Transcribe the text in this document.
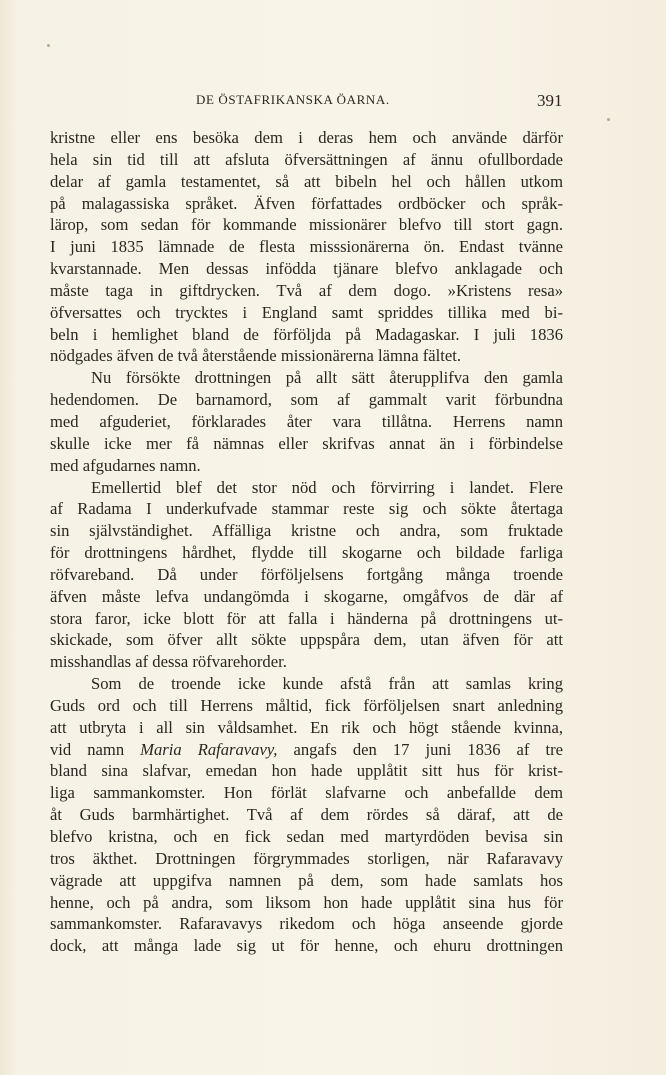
DE ÖSTAFRIKANSKA ÖARNA.	391
kristne eller ens besöka dem i deras hem och använde därför
hela sin tid till att afsluta öfversättningen af ännu ofullbordade
delar af gamla testamentet, så att bibeln hel och hållen utkom
på malagassiska språket. Äfven författades ordböcker och språk-
lärор, som sedan för kommande missionärer blefvo till stort gagn.
I juni 1835 lämnade de flesta misssionärerna ön. Endast tvänne
kvarstannade. Men dessas infödda tjänare blefvo anklagade och
måste taga in giftdrycken. Två af dem dogo. »Kristens resa»
öfversattes och trycktes i England samt spriddes tillika med bi-
beln i hemlighet bland de förföljda på Madagaskar. I juli 1836
nödgades äfven de två återstående missionärerna lämna fältet.
Nu försökte drottningen på allt sätt återupplifva den gamla
hedendomen. De barnamord, som af gammalt varit förbundna
med afguderiet, förklarades åter vara tillåtna. Herrens namn
skulle icke mer få nämnas eller skrifvas annat än i förbindelse
med afgudarnes namn.
Emellertid blef det stor nöd och förvirring i landet. Flere
af Radama I underkufvade stammar reste sig och sökte återtaga
sin självständighet. Affälliga kristne och andra, som fruktade
för drottningens hårdhet, flydde till skogarne och bildade farliga
röfvareband. Då under förföljelsens fortgång många troende
äfven måste lefva undangömda i skogarne, omgåfvos de där af
stora faror, icke blott för att falla i händerna på drottningens ut-
skickade, som öfver allt sökte uppspåra dem, utan äfven för att
misshandlas af dessa röfvarehorder.
Som de troende icke kunde afstå från att samlas kring
Guds ord och till Herrens måltid, fick förföljelsen snart anledning
att utbryta i all sin våldsamhet. En rik och högt stående kvinna,
vid namn Maria Rafaravavy, angafs den 17 juni 1836 af tre
bland sina slafvar, emedan hon hade upplåtit sitt hus för krist-
liga sammankomster. Hon förlät slafvarne och anbefallde dem
åt Guds barmhärtighet. Två af dem rördes så däraf, att de
blefvo kristna, och en fick sedan med martyrdöden bevisa sin
tros äkthet. Drottningen förgrymmades storligen, när Rafaravavy
vägrade att uppgifva namnen på dem, som hade samlats hos
henne, och på andra, som liksom hon hade upplåtit sina hus för
sammankomster. Rafaravavys rikedom och höga anseende gjorde
dock, att många lade sig ut för henne, och ehuru drottningen
